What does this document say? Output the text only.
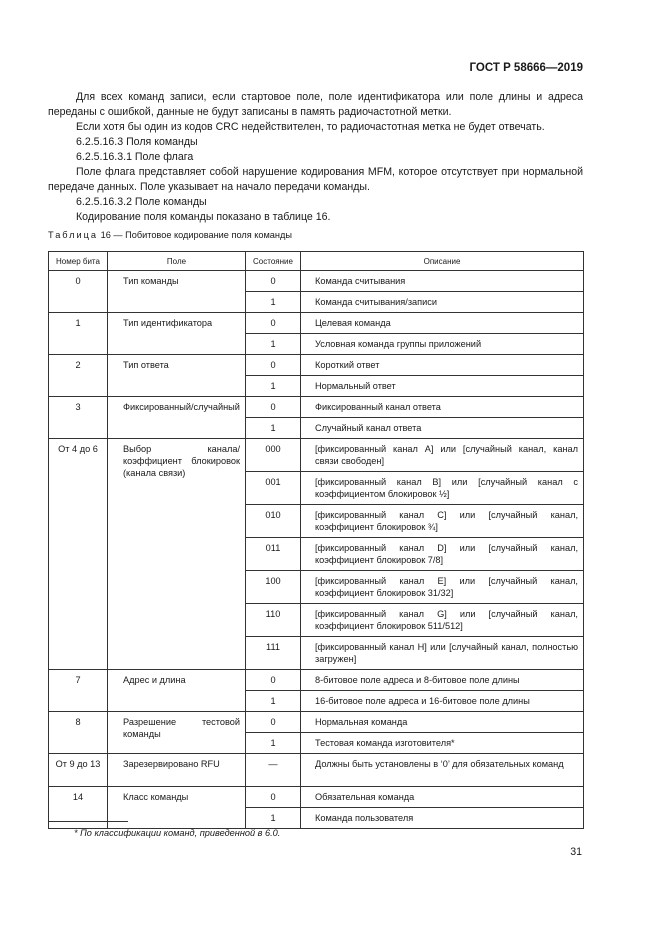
ГОСТ Р 58666—2019

Для всех команд записи, если стартовое поле, поле идентификатора или поле длины и адреса переданы с ошибкой, данные не будут записаны в память радиочастотной метки.

Если хотя бы один из кодов CRC недействителен, то радиочастотная метка не будет отвечать.

6.2.5.16.3 Поля команды

6.2.5.16.3.1 Поле флага

Поле флага представляет собой нарушение кодирования MFM, которое отсутствует при нормальной передаче данных. Поле указывает на начало передачи команды.

6.2.5.16.3.2 Поле команды

Кодирование поля команды показано в таблице 16.

Таблица 16 — Побитовое кодирование поля команды
Номер бита	Поле	Состояние	Описание
0	Тип команды	0	Команда считывания
		1	Команда считывания/записи
1	Тип идентификатора	0	Целевая команда
		1	Условная команда группы приложений
2	Тип ответа	0	Короткий ответ
		1	Нормальный ответ
3	Фиксированный/случайный	0	Фиксированный канал ответа
		1	Случайный канал ответа
От 4 до 6	Выбор канала/коэффициент блокировок (канала связи)	000	[фиксированный канал A] или [случайный канал, канал связи свободен]
		001	[фиксированный канал B] или [случайный канал с коэффициентом блокировок ½]
		010	[фиксированный канал C] или [случайный канал, коэффициент блокировок ¾]
		011	[фиксированный канал D] или [случайный канал, коэффициент блокировок 7/8]
		100	[фиксированный канал E] или [случайный канал, коэффициент блокировок 31/32]
		110	[фиксированный канал G] или [случайный канал, коэффициент блокировок 511/512]
		111	[фиксированный канал H] или [случайный канал, полностью загружен]
7	Адрес и длина	0	8-битовое поле адреса и 8-битовое поле длины
		1	16-битовое поле адреса и 16-битовое поле длины
8	Разрешение тестовой команды	0	Нормальная команда
		1	Тестовая команда изготовителя*
От 9 до 13	Зарезервировано RFU	—	Должны быть установлены в ‘0’ для обязательных команд
14	Класс команды	0	Обязательная команда
		1	Команда пользователя
* По классификации команд, приведенной в 6.0.
31
